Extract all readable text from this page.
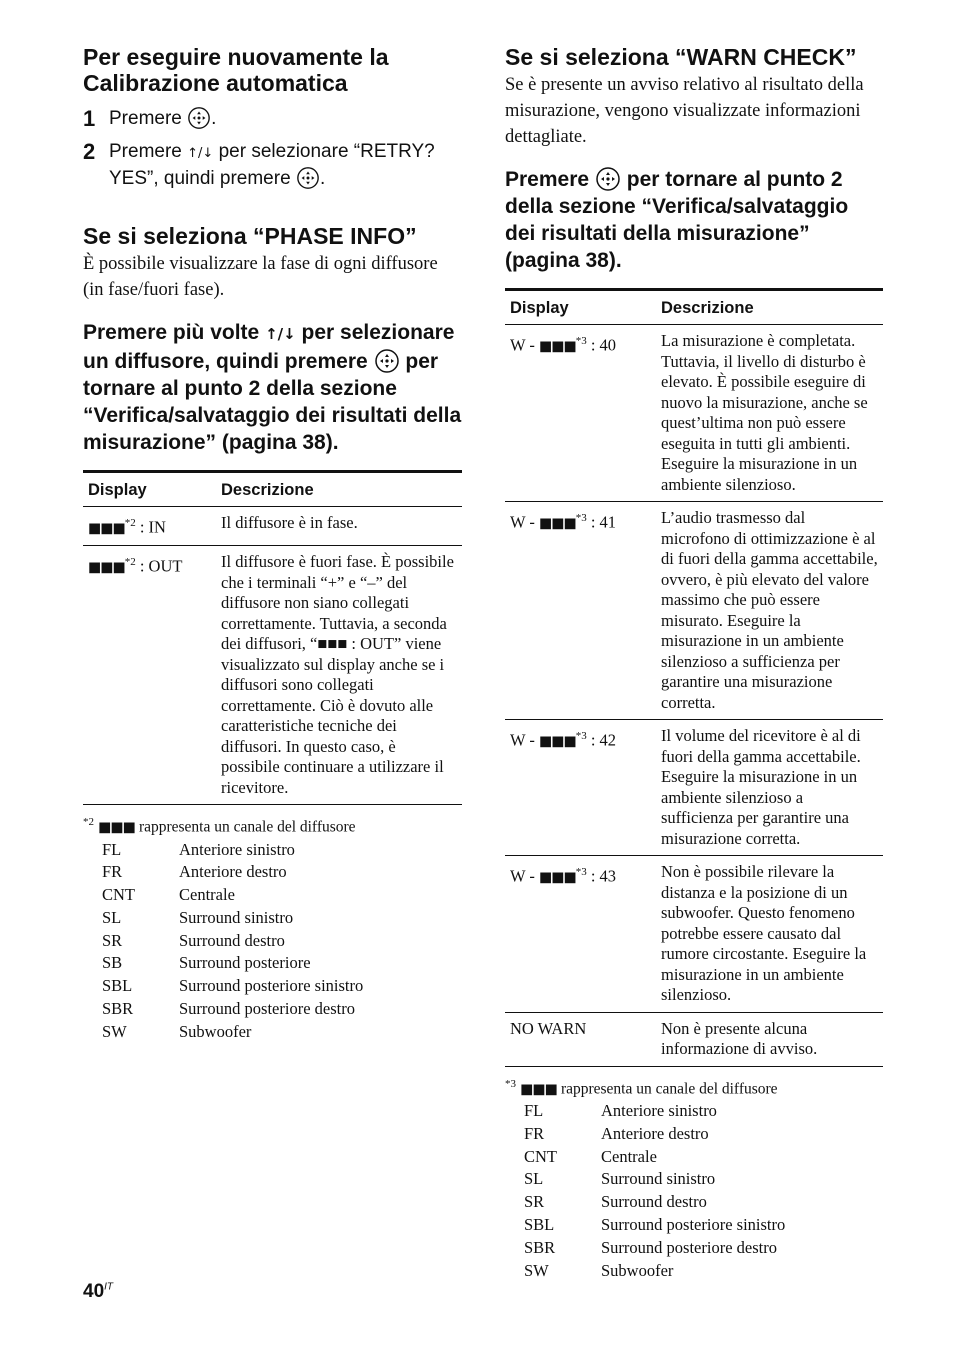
Per eseguire nuovamente la Calibrazione automatica
1 Premere .
2 Premere ↑/↓ per selezionare “RETRY? YES”, quindi premere .
Se si seleziona “PHASE INFO”

È possibile visualizzare la fase di ogni diffusore (in fase/fuori fase).

Premere più volte ↑/↓ per selezionare un diffusore, quindi premere per tornare al punto 2 della sezione “Verifica/salvataggio dei risultati della misurazione” (pagina 38).

Display	Descrizione
■■■$^{*2}$ : IN	Il diffusore è in fase.
■■■$^{*2}$ : OUT	Il diffusore è fuori fase. È possibile che i terminali “+” e “–” del diffusore non siano collegati correttamente. Tuttavia, a seconda dei diffusori, “■■■ : OUT” viene visualizzato sul display anche se i diffusori sono collegati correttamente. Ciò è dovuto alle caratteristiche tecniche dei diffusori. In questo caso, è possibile continuare a utilizzare il ricevitore.
$^{*2}$ ■■■ rappresenta un canale del diffusore
FL	Anteriore sinistro
FR	Anteriore destro
CNT	Centrale
SL	Surround sinistro
SR	Surround destro
SB	Surround posteriore
SBL	Surround posteriore sinistro
SBR	Surround posteriore destro
SW	Subwoofer
Se si seleziona “WARN CHECK”

Se è presente un avviso relativo al risultato della misurazione, vengono visualizzate informazioni dettagliate.

Premere per tornare al punto 2 della sezione “Verifica/salvataggio dei risultati della misurazione” (pagina 38).

Display	Descrizione
W - ■■■$^{*3}$ : 40	La misurazione è completata. Tuttavia, il livello di disturbo è elevato. È possibile eseguire di nuovo la misurazione, anche se quest’ultima non può essere eseguita in tutti gli ambienti. Eseguire la misurazione in un ambiente silenzioso.
W - ■■■$^{*3}$ : 41	L’audio trasmesso dal microfono di ottimizzazione è al di fuori della gamma accettabile, ovvero, è più elevato del valore massimo che può essere misurato. Eseguire la misurazione in un ambiente silenzioso a sufficienza per garantire una misurazione corretta.
W - ■■■$^{*3}$ : 42	Il volume del ricevitore è al di fuori della gamma accettabile. Eseguire la misurazione in un ambiente silenzioso a sufficienza per garantire una misurazione corretta.
W - ■■■$^{*3}$ : 43	Non è possibile rilevare la distanza e la posizione di un subwoofer. Questo fenomeno potrebbe essere causato dal rumore circostante. Eseguire la misurazione in un ambiente silenzioso.
NO WARN	Non è presente alcuna informazione di avviso.
$^{*3}$ ■■■ rappresenta un canale del diffusore
FL	Anteriore sinistro
FR	Anteriore destro
CNT	Centrale
SL	Surround sinistro
SR	Surround destro
SBL	Surround posteriore sinistro
SBR	Surround posteriore destro
SW	Subwoofer
$40^{IT}$
